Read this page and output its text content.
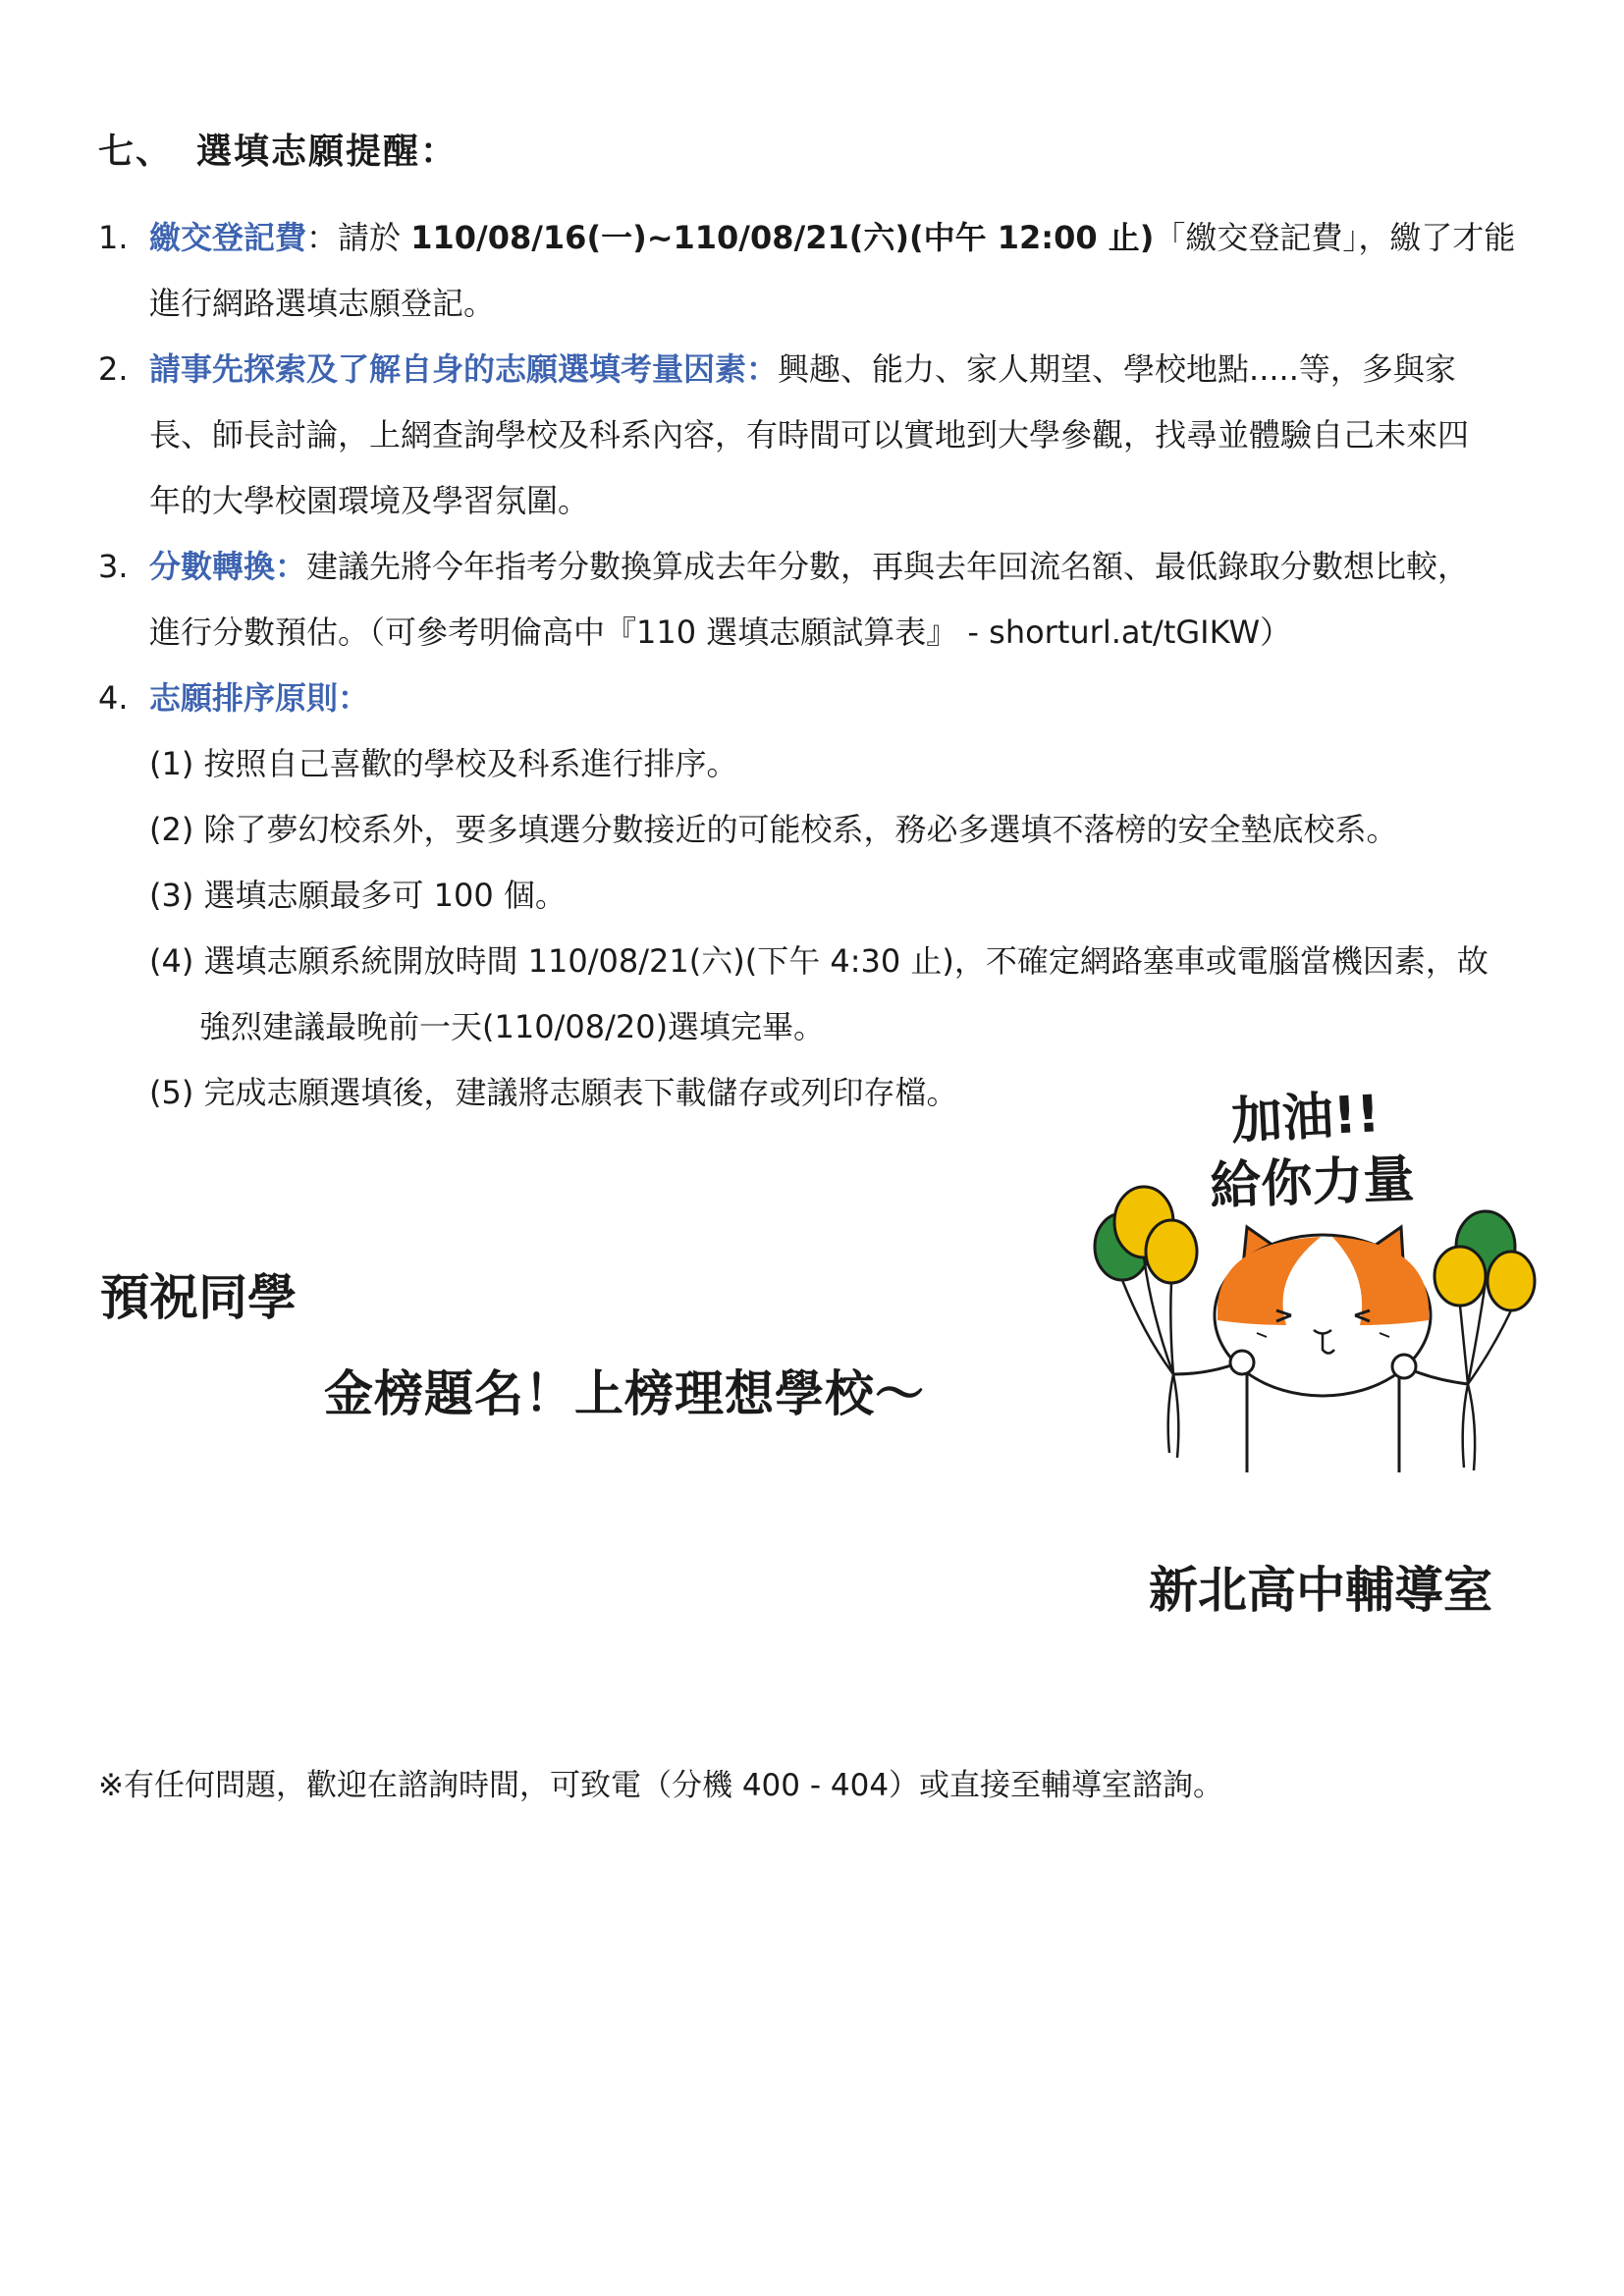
七、 選填志願提醒：
1. 繳交登記費：請於 110/08/16(一)~110/08/21(六)(中午 12:00 止)「繳交登記費」，繳了才能
進行網路選填志願登記。
2. 請事先探索及了解自身的志願選填考量因素：興趣、能力、家人期望、學校地點.....等，多與家
長、師長討論，上網查詢學校及科系內容，有時間可以實地到大學參觀，找尋並體驗自己未來四
年的大學校園環境及學習氛圍。
3. 分數轉換：建議先將今年指考分數換算成去年分數，再與去年回流名額、最低錄取分數想比較，
進行分數預估。（可參考明倫高中『110 選填志願試算表』 - shorturl.at/tGIKW）
4. 志願排序原則：
(1) 按照自己喜歡的學校及科系進行排序。
(2) 除了夢幻校系外，要多填選分數接近的可能校系，務必多選填不落榜的安全墊底校系。
(3) 選填志願最多可 100 個。
(4) 選填志願系統開放時間 110/08/21(六)(下午 4:30 止)，不確定網路塞車或電腦當機因素，故
強烈建議最晚前一天(110/08/20)選填完畢。
(5) 完成志願選填後，建議將志願表下載儲存或列印存檔。
預祝同學
金榜題名！上榜理想學校～
加油!!
給你力量
新北高中輔導室
※有任何問題，歡迎在諮詢時間，可致電（分機 400 - 404）或直接至輔導室諮詢。
